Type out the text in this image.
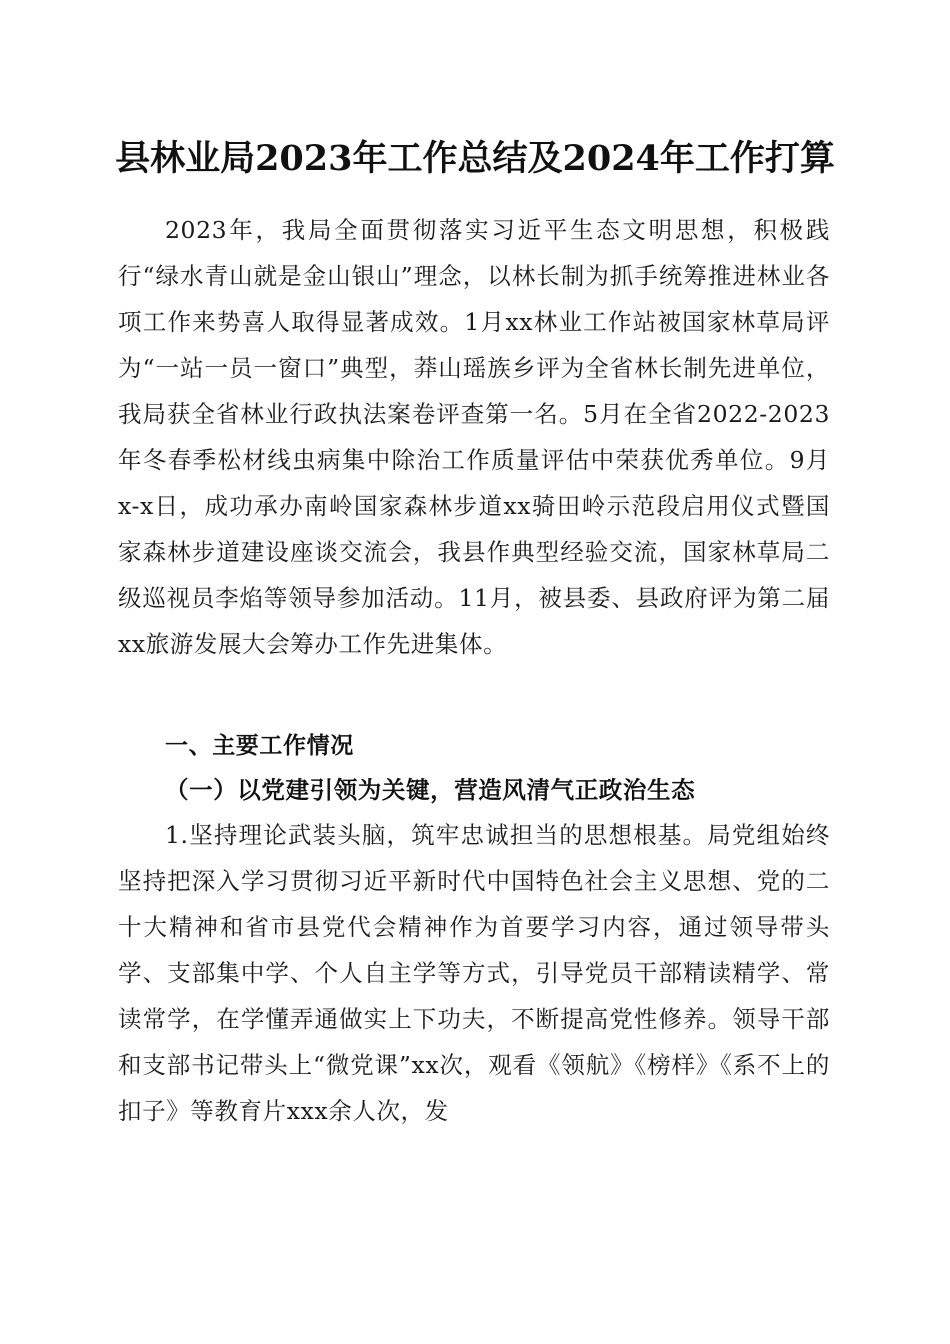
县林业局2023年工作总结及2024年工作打算
2023年，我局全面贯彻落实习近平生态文明思想，积极践行“绿水青山就是金山银山”理念，以林长制为抓手统筹推进林业各项工作来势喜人取得显著成效。1月xx林业工作站被国家林草局评为“一站一员一窗口”典型，莽山瑶族乡评为全省林长制先进单位，我局获全省林业行政执法案卷评查第一名。5月在全省2022-2023年冬春季松材线虫病集中除治工作质量评估中荣获优秀单位。9月x-x日，成功承办南岭国家森林步道xx骑田岭示范段启用仪式暨国家森林步道建设座谈交流会，我县作典型经验交流，国家林草局二级巡视员李焰等领导参加活动。11月，被县委、县政府评为第二届xx旅游发展大会筹办工作先进集体。
一、主要工作情况
（一）以党建引领为关键，营造风清气正政治生态
1.坚持理论武装头脑，筑牢忠诚担当的思想根基。局党组始终坚持把深入学习贯彻习近平新时代中国特色社会主义思想、党的二十大精神和省市县党代会精神作为首要学习内容，通过领导带头学、支部集中学、个人自主学等方式，引导党员干部精读精学、常读常学，在学懂弄通做实上下功夫，不断提高党性修养。领导干部和支部书记带头上“微党课”xx次，观看《领航》《榜样》《系不上的扣子》等教育片xxx余人次，发
